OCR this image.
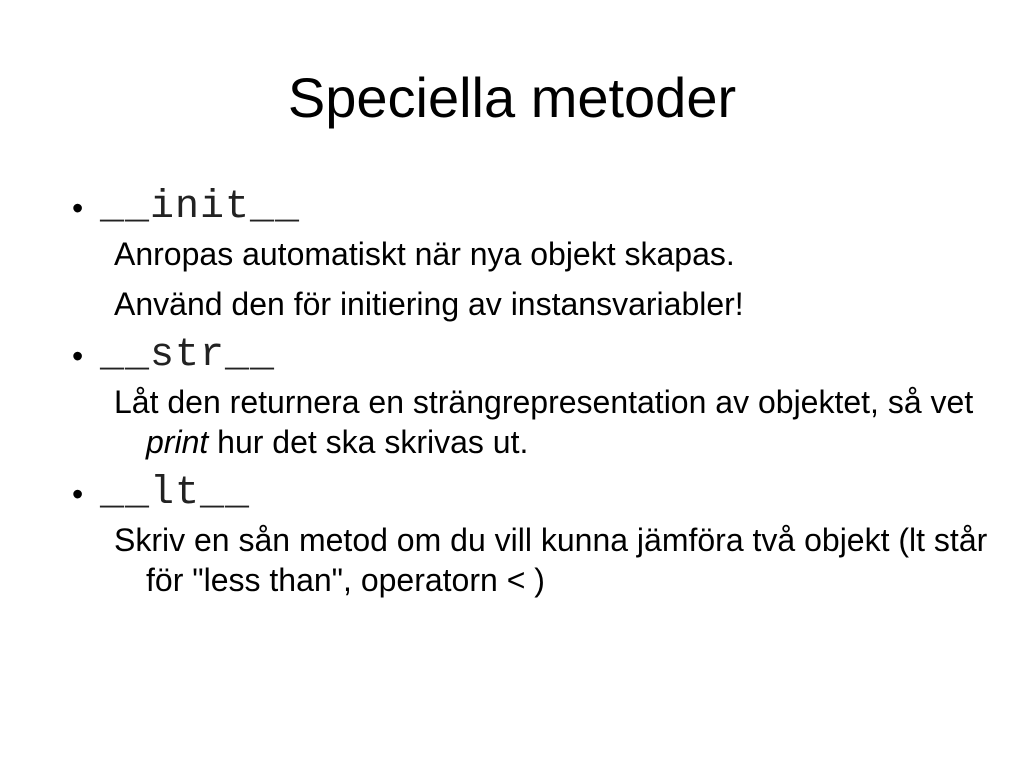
Speciella metoder
• __init__

Anropas automatiskt när nya objekt skapas.

Använd den för initiering av instansvariabler!

• __str__

Låt den returnera en strängrepresentation av objektet, så vet print hur det ska skrivas ut.

• __lt__

Skriv en sån metod om du vill kunna jämföra två objekt (lt står för "less than", operatorn < )
